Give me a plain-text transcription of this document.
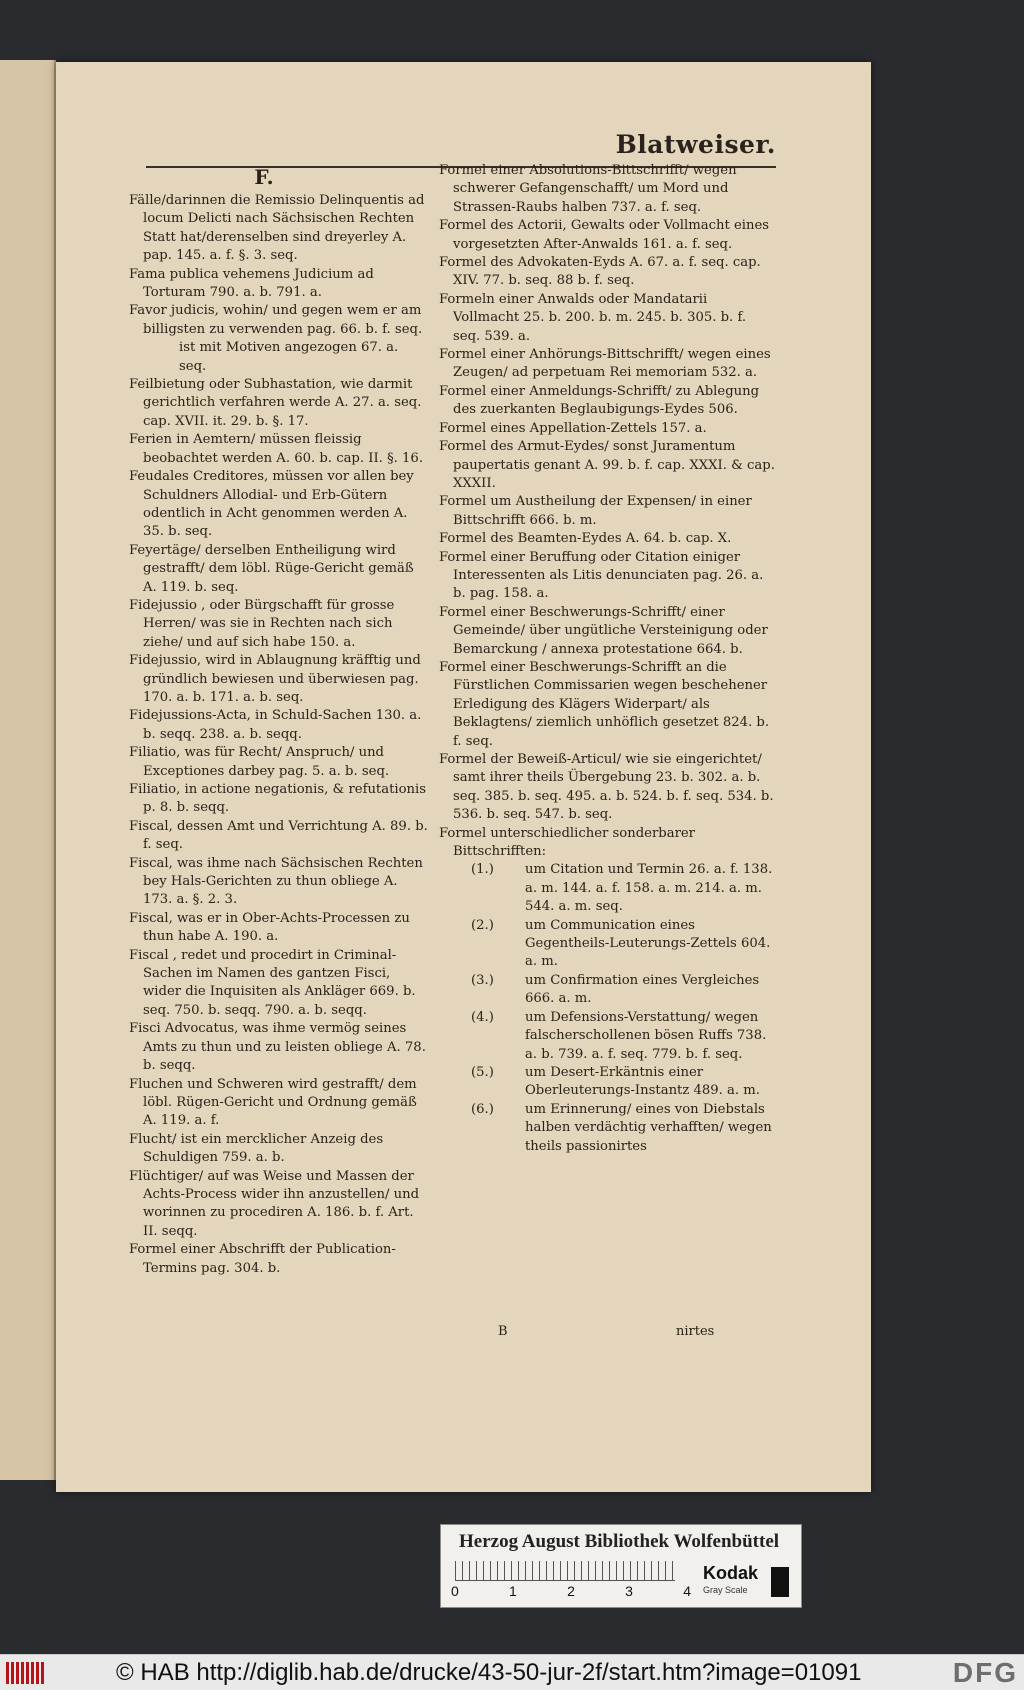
Blatweiser.
F.
Fälle/darinnen die Remissio Delinquentis ad locum Delicti nach Sächsischen Rechten Statt hat/derenselben sind dreyerley A. pap. 145. a. f. §. 3. seq.
Fama publica vehemens Judicium ad Torturam 790. a. b. 791. a.
Favor judicis, wohin/ und gegen wem er am billigsten zu verwenden pag. 66. b. f. seq.
ist mit Motiven angezogen 67. a. seq.
Feilbietung oder Subhastation, wie darmit gerichtlich verfahren werde A. 27. a. seq. cap. XVII. it. 29. b. §. 17.
Ferien in Aemtern/ müssen fleissig beobachtet werden A. 60. b. cap. II. §. 16.
Feudales Creditores, müssen vor allen bey Schuldners Allodial- und Erb-Gütern odentlich in Acht genommen werden A. 35. b. seq.
Feyertäge/ derselben Entheiligung wird gestrafft/ dem löbl. Rüge-Gericht gemäß A. 119. b. seq.
Fidejussio , oder Bürgschafft für grosse Herren/ was sie in Rechten nach sich ziehe/ und auf sich habe 150. a.
Fidejussio, wird in Ablaugnung kräfftig und gründlich bewiesen und überwiesen pag. 170. a. b. 171. a. b. seq.
Fidejussions-Acta, in Schuld-Sachen 130. a. b. seqq. 238. a. b. seqq.
Filiatio, was für Recht/ Anspruch/ und Exceptiones darbey pag. 5. a. b. seq.
Filiatio, in actione negationis, & refutationis p. 8. b. seqq.
Fiscal, dessen Amt und Verrichtung A. 89. b. f. seq.
Fiscal, was ihme nach Sächsischen Rechten bey Hals-Gerichten zu thun obliege A. 173. a. §. 2. 3.
Fiscal, was er in Ober-Achts-Processen zu thun habe A. 190. a.
Fiscal , redet und procedirt in Criminal-Sachen im Namen des gantzen Fisci, wider die Inquisiten als Ankläger 669. b. seq. 750. b. seqq. 790. a. b. seqq.
Fisci Advocatus, was ihme vermög seines Amts zu thun und zu leisten obliege A. 78. b. seqq.
Fluchen und Schweren wird gestrafft/ dem löbl. Rügen-Gericht und Ordnung gemäß A. 119. a. f.
Flucht/ ist ein mercklicher Anzeig des Schuldigen 759. a. b.
Flüchtiger/ auf was Weise und Massen der Achts-Process wider ihn anzustellen/ und worinnen zu procediren A. 186. b. f. Art. II. seqq.
Formel einer Abschrifft der Publication-Termins pag. 304. b.
Formel einer Absolutions-Bittschrifft/ wegen schwerer Gefangenschafft/ um Mord und Strassen-Raubs halben 737. a. f. seq.
Formel des Actorii, Gewalts oder Vollmacht eines vorgesetzten After-Anwalds 161. a. f. seq.
Formel des Advokaten-Eyds A. 67. a. f. seq. cap. XIV. 77. b. seq. 88 b. f. seq.
Formeln einer Anwalds oder Mandatarii Vollmacht 25. b. 200. b. m. 245. b. 305. b. f. seq. 539. a.
Formel einer Anhörungs-Bittschrifft/ wegen eines Zeugen/ ad perpetuam Rei memoriam 532. a.
Formel einer Anmeldungs-Schrifft/ zu Ablegung des zuerkanten Beglaubigungs-Eydes 506.
Formel eines Appellation-Zettels 157. a.
Formel des Armut-Eydes/ sonst Juramentum paupertatis genant A. 99. b. f. cap. XXXI. & cap. XXXII.
Formel um Austheilung der Expensen/ in einer Bittschrifft 666. b. m.
Formel des Beamten-Eydes A. 64. b. cap. X.
Formel einer Beruffung oder Citation einiger Interessenten als Litis denunciaten pag. 26. a. b. pag. 158. a.
Formel einer Beschwerungs-Schrifft/ einer Gemeinde/ über ungütliche Versteinigung oder Bemarckung / annexa protestatione 664. b.
Formel einer Beschwerungs-Schrifft an die Fürstlichen Commissarien wegen beschehener Erledigung des Klägers Widerpart/ als Beklagtens/ ziemlich unhöflich gesetzet 824. b. f. seq.
Formel der Beweiß-Articul/ wie sie eingerichtet/ samt ihrer theils Übergebung 23. b. 302. a. b. seq. 385. b. seq. 495. a. b. 524. b. f. seq. 534. b. 536. b. seq. 547. b. seq.
Formel unterschiedlicher sonderbarer Bittschrifften:
(1.) um Citation und Termin 26. a. f. 138. a. m. 144. a. f. 158. a. m. 214. a. m. 544. a. m. seq.
(2.) um Communication eines Gegentheils-Leuterungs-Zettels 604. a. m.
(3.) um Confirmation eines Vergleiches 666. a. m.
(4.) um Defensions-Verstattung/ wegen falscherschollenen bösen Ruffs 738. a. b. 739. a. f. seq. 779. b. f. seq.
(5.) um Desert-Erkäntnis einer Oberleuterungs-Instantz 489. a. m.
(6.) um Erinnerung/ eines von Diebstals halben verdächtig verhafften/ wegen theils passionirtes
B	nirtes
Herzog August Bibliothek Wolfenbüttel
0	1	2	3	4
Kodak
Gray Scale
© HAB http://diglib.hab.de/drucke/43-50-jur-2f/start.htm?image=01091	DFG
